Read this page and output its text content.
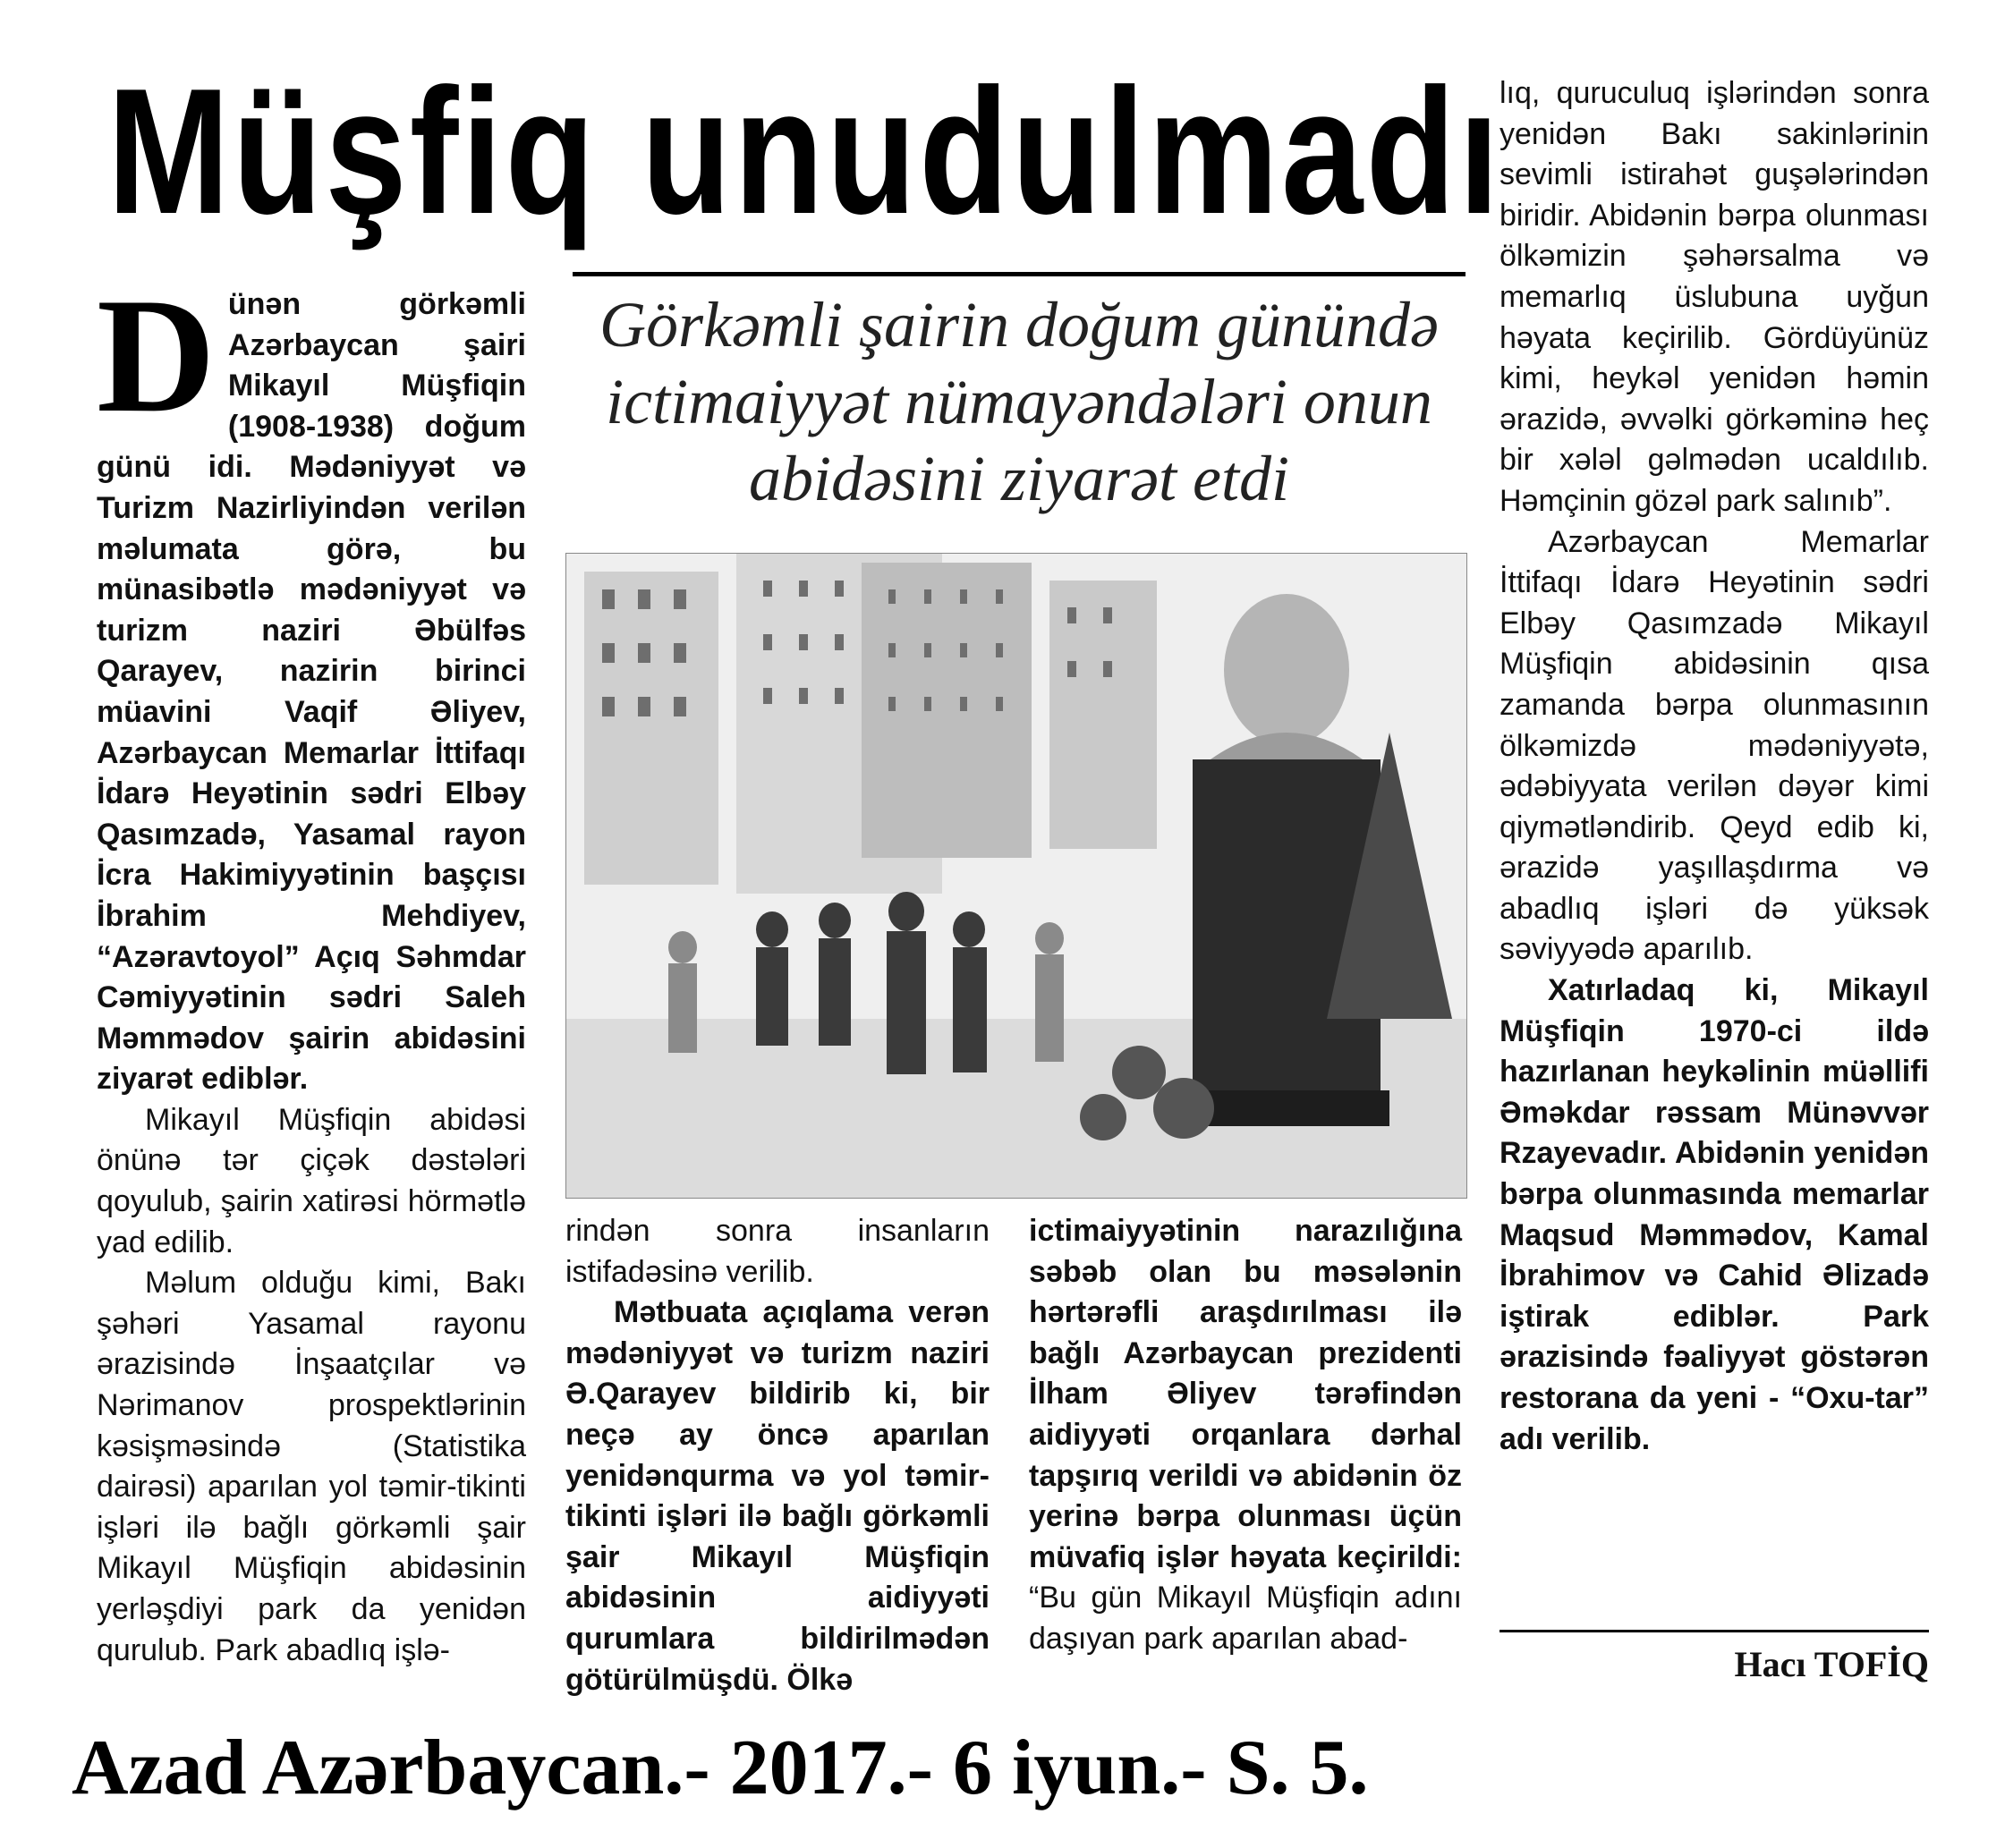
Müşfiq unudulmadı
Görkəmli şairin doğum günündə ictimaiyyət nümayəndələri onun abidəsini ziyarət etdi

Dünən görkəmli Azərbaycan şairi Mikayıl Müşfiqin (1908-1938) doğum günü idi. Mədəniyyət və Turizm Nazirliyindən verilən məlumata görə, bu münasibətlə mədəniyyət və turizm naziri Əbülfəs Qarayev, nazirin birinci müavini Vaqif Əliyev, Azərbaycan Memarlar İttifaqı İdarə Heyətinin sədri Elbəy Qasımzadə, Yasamal rayon İcra Hakimiyyətinin başçısı İbrahim Mehdiyev, “Azəravtoyol” Açıq Səhmdar Cəmiyyətinin sədri Saleh Məmmədov şairin abidəsini ziyarət ediblər.

Mikayıl Müşfiqin abidəsi önünə tər çiçək dəstələri qoyulub, şairin xatirəsi hörmətlə yad edilib.

Məlum olduğu kimi, Bakı şəhəri Yasamal rayonu ərazisində İnşaatçılar və Nərimanov prospektlərinin kəsişməsində (Statistika dairəsi) aparılan yol təmir-tikinti işləri ilə bağlı görkəmli şair Mikayıl Müşfiqin abidəsinin yerləşdiyi park da yenidən qurulub. Park abadlıq işlə-

rindən sonra insanların istifadəsinə verilib.

Mətbuata açıqlama verən mədəniyyət və turizm naziri Ə.Qarayev bildirib ki, bir neçə ay öncə aparılan yenidənqurma və yol təmir-tikinti işləri ilə bağlı görkəmli şair Mikayıl Müşfiqin abidəsinin aidiyyəti qurumlara bildirilmədən götürülmüşdü. Ölkə

ictimaiyyətinin narazılığına səbəb olan bu məsələnin hərtərəfli araşdırılması ilə bağlı Azərbaycan prezidenti İlham Əliyev tərəfindən aidiyyəti orqanlara dərhal tapşırıq verildi və abidənin öz yerinə bərpa olunması üçün müvafiq işlər həyata keçirildi: “Bu gün Mikayıl Müşfiqin adını daşıyan park aparılan abad-

lıq, quruculuq işlərindən sonra yenidən Bakı sakinlərinin sevimli istirahət guşələrindən biridir. Abidənin bərpa olunması ölkəmizin şəhərsalma və memarlıq üslubuna uyğun həyata keçirilib. Gördüyünüz kimi, heykəl yenidən həmin ərazidə, əvvəlki görkəminə heç bir xələl gəlmədən ucaldılıb. Həmçinin gözəl park salınıb”.

Azərbaycan Memarlar İttifaqı İdarə Heyətinin sədri Elbəy Qasımzadə Mikayıl Müşfiqin abidəsinin qısa zamanda bərpa olunmasının ölkəmizdə mədəniyyətə, ədəbiyyata verilən dəyər kimi qiymətləndirib. Qeyd edib ki, ərazidə yaşıllaşdırma və abadlıq işləri də yüksək səviyyədə aparılıb.

Xatırladaq ki, Mikayıl Müşfiqin 1970-ci ildə hazırlanan heykəlinin müəllifi Əməkdar rəssam Münəvvər Rzayevadır. Abidənin yenidən bərpa olunmasında memarlar Maqsud Məmmədov, Kamal İbrahimov və Cahid Əlizadə iştirak ediblər. Park ərazisində fəaliyyət göstərən restorana da yeni - “Oxu-tar” adı verilib.

Hacı TOFİQ
Azad Azərbaycan.- 2017.- 6 iyun.- S. 5.
